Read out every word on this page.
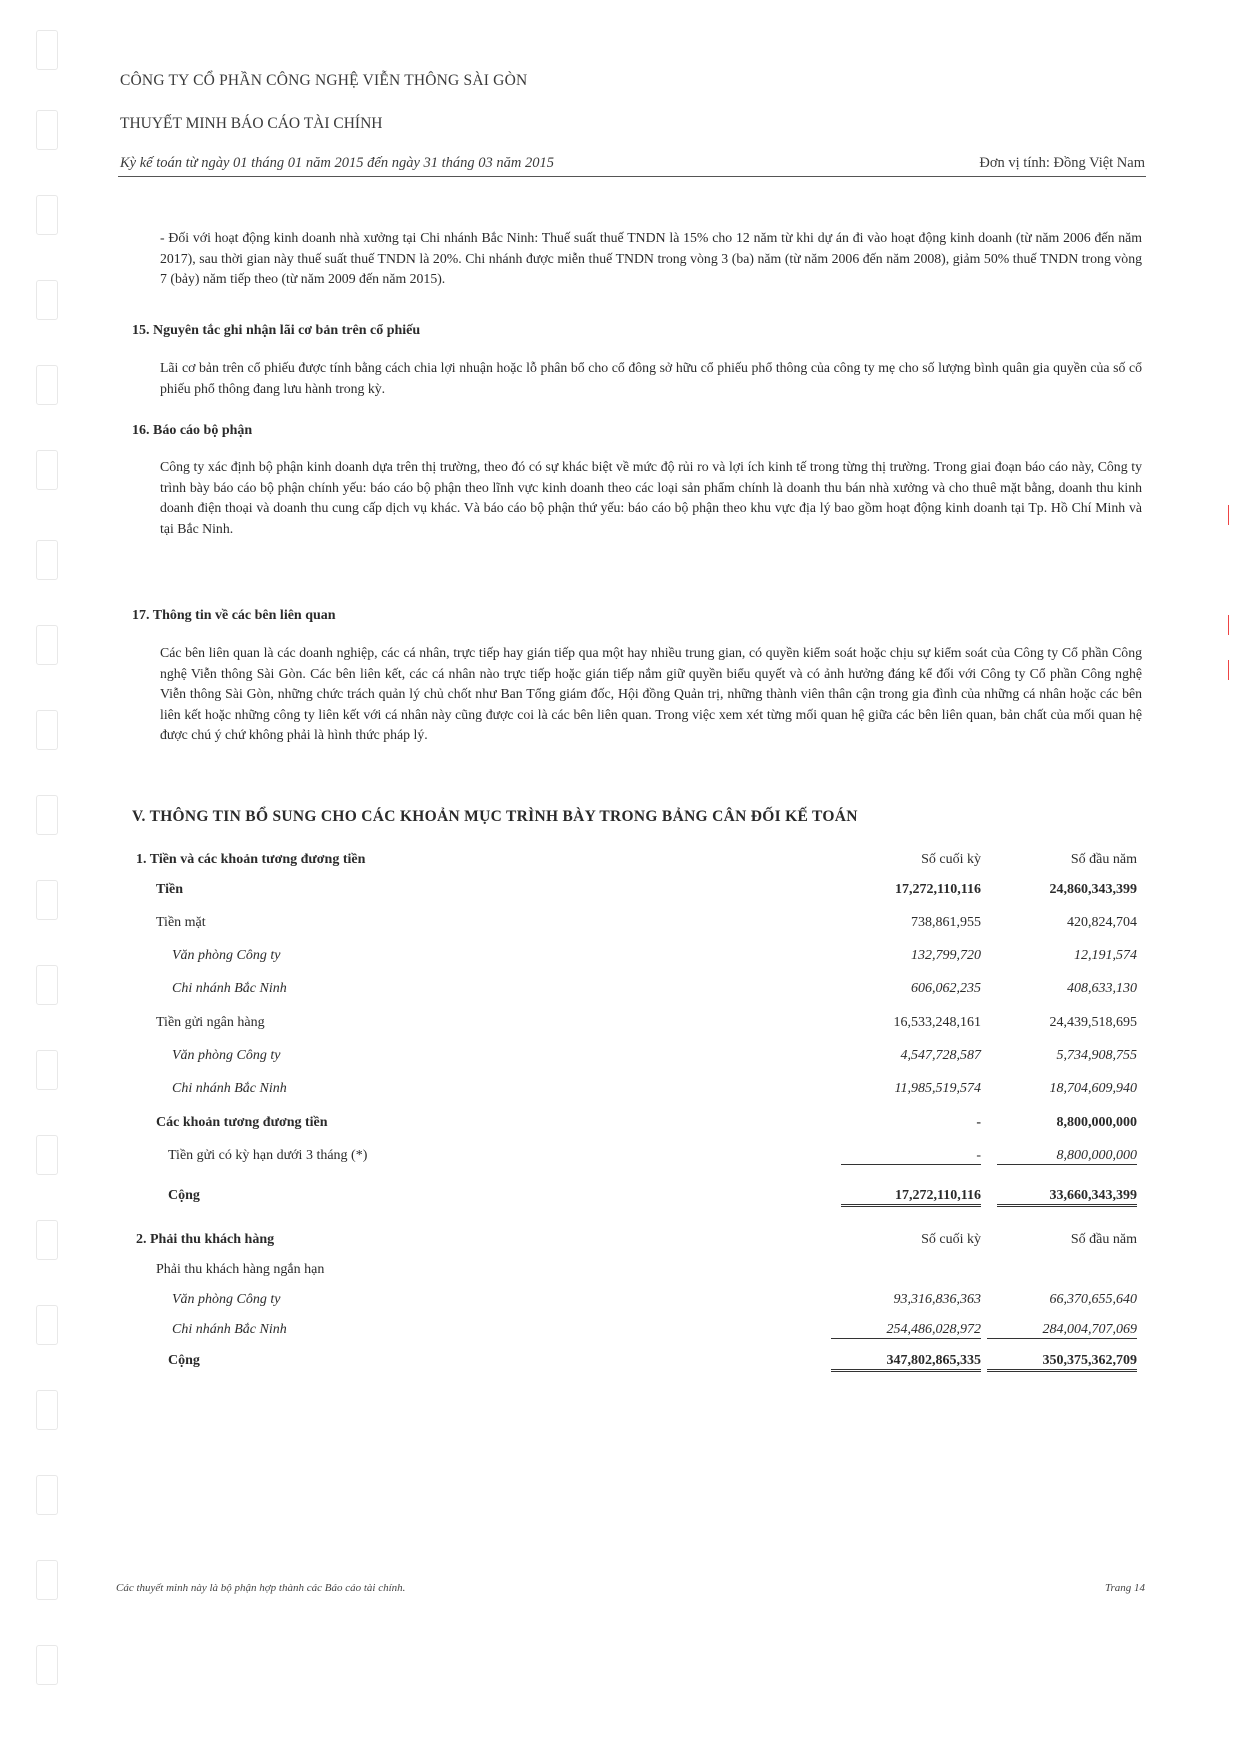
CÔNG TY CỔ PHẦN CÔNG NGHỆ VIỄN THÔNG SÀI GÒN
THUYẾT MINH BÁO CÁO TÀI CHÍNH
Kỳ kế toán từ ngày 01 tháng 01 năm 2015 đến ngày 31 tháng 03 năm 2015	Đơn vị tính: Đồng Việt Nam
- Đối với hoạt động kinh doanh nhà xưởng tại Chi nhánh Bắc Ninh: Thuế suất thuế TNDN là 15% cho 12 năm từ khi dự án đi vào hoạt động kinh doanh (từ năm 2006 đến năm 2017), sau thời gian này thuế suất thuế TNDN là 20%. Chi nhánh được miễn thuế TNDN trong vòng 3 (ba) năm (từ năm 2006 đến năm 2008), giảm 50% thuế TNDN trong vòng 7 (bảy) năm tiếp theo (từ năm 2009 đến năm 2015).
15. Nguyên tắc ghi nhận lãi cơ bản trên cổ phiếu
Lãi cơ bản trên cổ phiếu được tính bằng cách chia lợi nhuận hoặc lỗ phân bổ cho cổ đông sở hữu cổ phiếu phổ thông của công ty mẹ cho số lượng bình quân gia quyền của số cổ phiếu phổ thông đang lưu hành trong kỳ.
16. Báo cáo bộ phận
Công ty xác định bộ phận kinh doanh dựa trên thị trường, theo đó có sự khác biệt về mức độ rủi ro và lợi ích kinh tế trong từng thị trường. Trong giai đoạn báo cáo này, Công ty trình bày báo cáo bộ phận chính yếu: báo cáo bộ phận theo lĩnh vực kinh doanh theo các loại sản phẩm chính là doanh thu bán nhà xưởng và cho thuê mặt bằng, doanh thu kinh doanh điện thoại và doanh thu cung cấp dịch vụ khác. Và báo cáo bộ phận thứ yếu: báo cáo bộ phận theo khu vực địa lý bao gồm hoạt động kinh doanh tại Tp. Hồ Chí Minh và tại Bắc Ninh.
17. Thông tin về các bên liên quan
Các bên liên quan là các doanh nghiệp, các cá nhân, trực tiếp hay gián tiếp qua một hay nhiều trung gian, có quyền kiểm soát hoặc chịu sự kiểm soát của Công ty Cổ phần Công nghệ Viễn thông Sài Gòn. Các bên liên kết, các cá nhân nào trực tiếp hoặc gián tiếp nắm giữ quyền biểu quyết và có ảnh hưởng đáng kể đối với Công ty Cổ phần Công nghệ Viễn thông Sài Gòn, những chức trách quản lý chủ chốt như Ban Tổng giám đốc, Hội đồng Quản trị, những thành viên thân cận trong gia đình của những cá nhân hoặc các bên liên kết hoặc những công ty liên kết với cá nhân này cũng được coi là các bên liên quan. Trong việc xem xét từng mối quan hệ giữa các bên liên quan, bản chất của mối quan hệ được chú ý chứ không phải là hình thức pháp lý.
V. THÔNG TIN BỔ SUNG CHO CÁC KHOẢN MỤC TRÌNH BÀY TRONG BẢNG CÂN ĐỐI KẾ TOÁN
1. Tiền và các khoản tương đương tiền	Số cuối kỳ	Số đầu năm
Tiền	17,272,110,116	24,860,343,399
Tiền mặt	738,861,955	420,824,704
Văn phòng Công ty	132,799,720	12,191,574
Chi nhánh Bắc Ninh	606,062,235	408,633,130
Tiền gửi ngân hàng	16,533,248,161	24,439,518,695
Văn phòng Công ty	4,547,728,587	5,734,908,755
Chi nhánh Bắc Ninh	11,985,519,574	18,704,609,940
Các khoản tương đương tiền	-	8,800,000,000
Tiền gửi có kỳ hạn dưới 3 tháng (*)	-	8,800,000,000
Cộng	17,272,110,116	33,660,343,399
2. Phải thu khách hàng	Số cuối kỳ	Số đầu năm
Phải thu khách hàng ngắn hạn
Văn phòng Công ty	93,316,836,363	66,370,655,640
Chi nhánh Bắc Ninh	254,486,028,972	284,004,707,069
Cộng	347,802,865,335	350,375,362,709
Các thuyết minh này là bộ phận hợp thành các Báo cáo tài chính.	Trang 14
